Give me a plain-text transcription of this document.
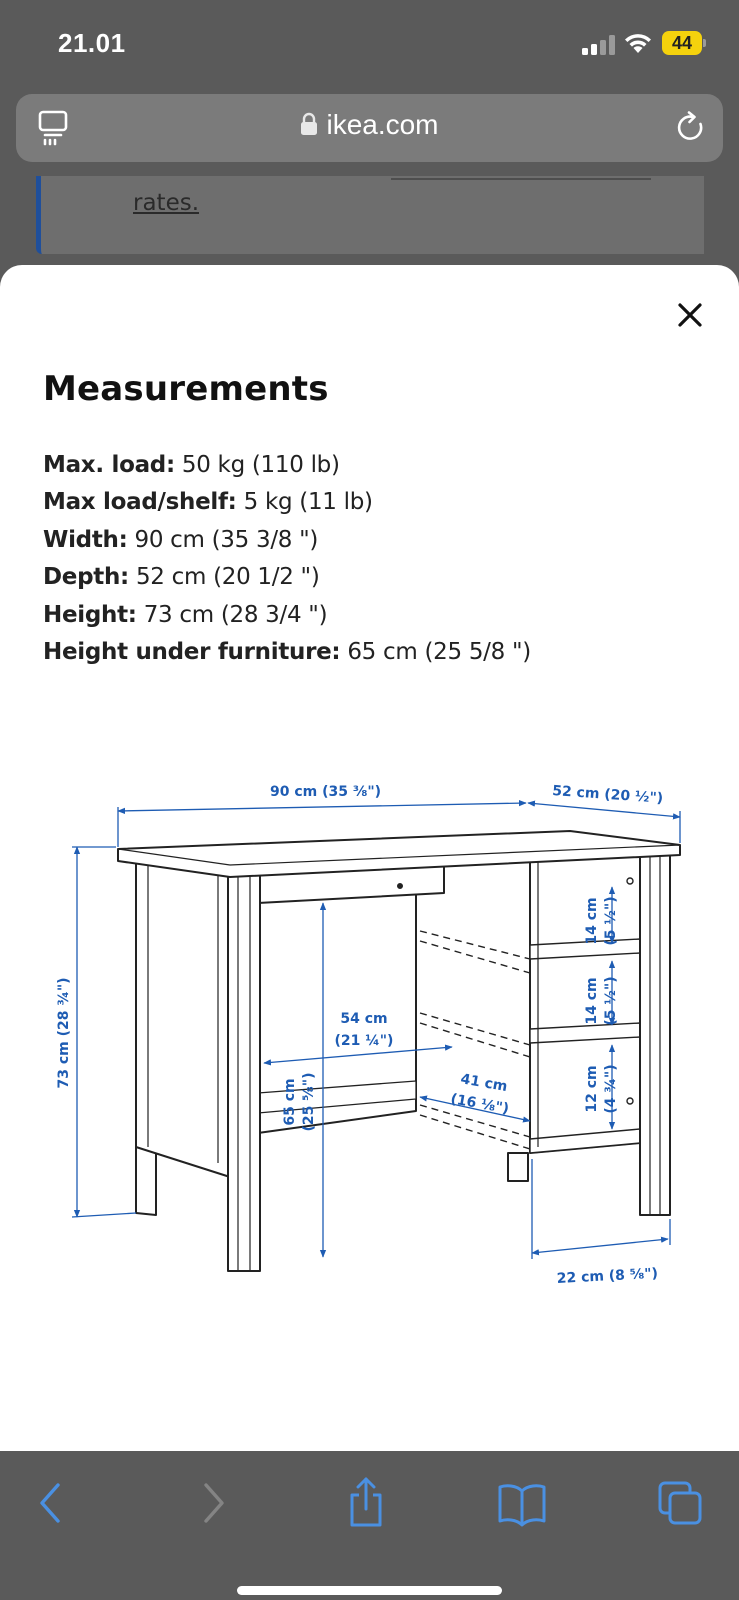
21.01	44
ikea.com
rates.
Measurements
Max. load: 50 kg (110 lb)
Max load/shelf: 5 kg (11 lb)
Width: 90 cm (35 3/8 ")
Depth: 52 cm (20 1/2 ")
Height: 73 cm (28 3/4 ")
Height under furniture: 65 cm (25 5/8 ")
90 cm (35 ⅜")	52 cm (20 ½")
73 cm (28 ¾")	54 cm
(21 ¼")
65 cm (25 ⅝")	41 cm
(16 ⅛")
14 cm (5 ½")
14 cm (5 ½")
12 cm (4 ¾")
22 cm (8 ⅝")
